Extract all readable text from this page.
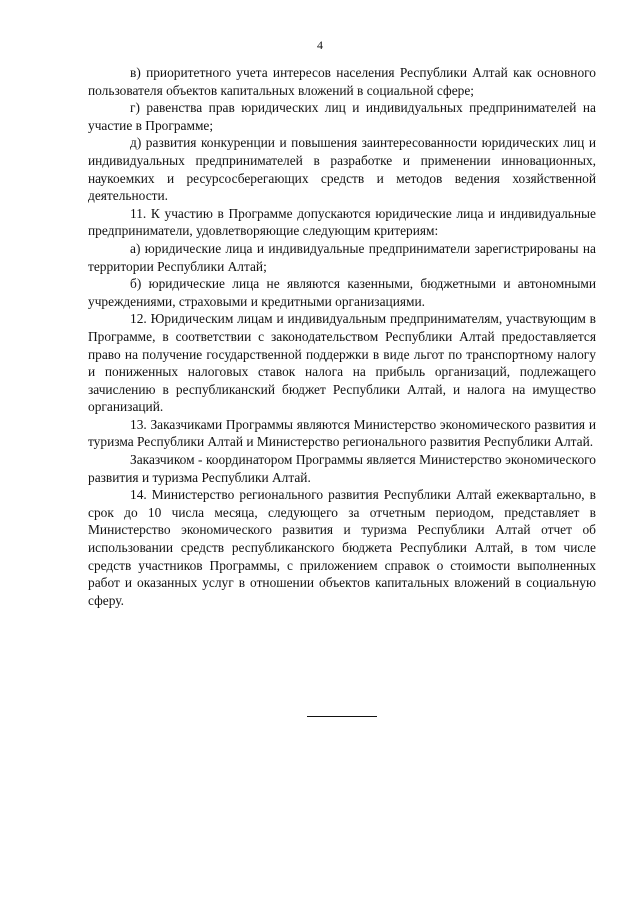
4

в) приоритетного учета интересов населения Республики Алтай как основного пользователя объектов капитальных вложений в социальной сфере;

г) равенства прав юридических лиц и индивидуальных предпринимателей на участие в Программе;

д) развития конкуренции и повышения заинтересованности юридических лиц и индивидуальных предпринимателей в разработке и применении инновационных, наукоемких и ресурсосберегающих средств и методов ведения хозяйственной деятельности.

11. К участию в Программе допускаются юридические лица и индивидуальные предприниматели, удовлетворяющие следующим критериям:

а) юридические лица и индивидуальные предприниматели зарегистрированы на территории Республики Алтай;

б) юридические лица не являются казенными, бюджетными и автономными учреждениями, страховыми и кредитными организациями.

12. Юридическим лицам и индивидуальным предпринимателям, участвующим в Программе, в соответствии с законодательством Республики Алтай предоставляется право на получение государственной поддержки в виде льгот по транспортному налогу и пониженных налоговых ставок налога на прибыль организаций, подлежащего зачислению в республиканский бюджет Республики Алтай, и налога на имущество организаций.

13. Заказчиками Программы являются Министерство экономического развития и туризма Республики Алтай и Министерство регионального развития Республики Алтай.

Заказчиком - координатором Программы является Министерство экономического развития и туризма Республики Алтай.

14. Министерство регионального развития Республики Алтай ежеквартально, в срок до 10 числа месяца, следующего за отчетным периодом, представляет в Министерство экономического развития и туризма Республики Алтай отчет об использовании средств республиканского бюджета Республики Алтай, в том числе средств участников Программы, с приложением справок о стоимости выполненных работ и оказанных услуг в отношении объектов капитальных вложений в социальную сферу.
